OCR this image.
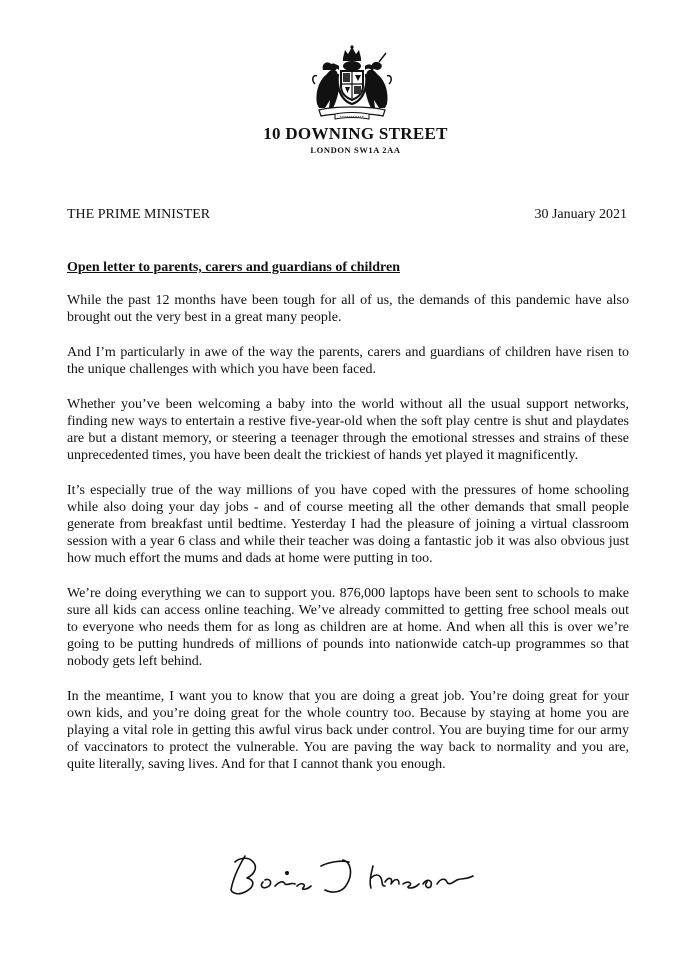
10 DOWNING STREET
LONDON SW1A 2AA
THE PRIME MINISTER	30 January 2021
Open letter to parents, carers and guardians of children

While the past 12 months have been tough for all of us, the demands of this pandemic have also brought out the very best in a great many people.

And I’m particularly in awe of the way the parents, carers and guardians of children have risen to the unique challenges with which you have been faced.

Whether you’ve been welcoming a baby into the world without all the usual support networks, finding new ways to entertain a restive five-year-old when the soft play centre is shut and playdates are but a distant memory, or steering a teenager through the emotional stresses and strains of these unprecedented times, you have been dealt the trickiest of hands yet played it magnificently.

It’s especially true of the way millions of you have coped with the pressures of home schooling while also doing your day jobs - and of course meeting all the other demands that small people generate from breakfast until bedtime. Yesterday I had the pleasure of joining a virtual classroom session with a year 6 class and while their teacher was doing a fantastic job it was also obvious just how much effort the mums and dads at home were putting in too.

We’re doing everything we can to support you. 876,000 laptops have been sent to schools to make sure all kids can access online teaching. We’ve already committed to getting free school meals out to everyone who needs them for as long as children are at home. And when all this is over we’re going to be putting hundreds of millions of pounds into nationwide catch-up programmes so that nobody gets left behind.

In the meantime, I want you to know that you are doing a great job. You’re doing great for your own kids, and you’re doing great for the whole country too. Because by staying at home you are playing a vital role in getting this awful virus back under control. You are buying time for our army of vaccinators to protect the vulnerable. You are paving the way back to normality and you are, quite literally, saving lives. And for that I cannot thank you enough.
